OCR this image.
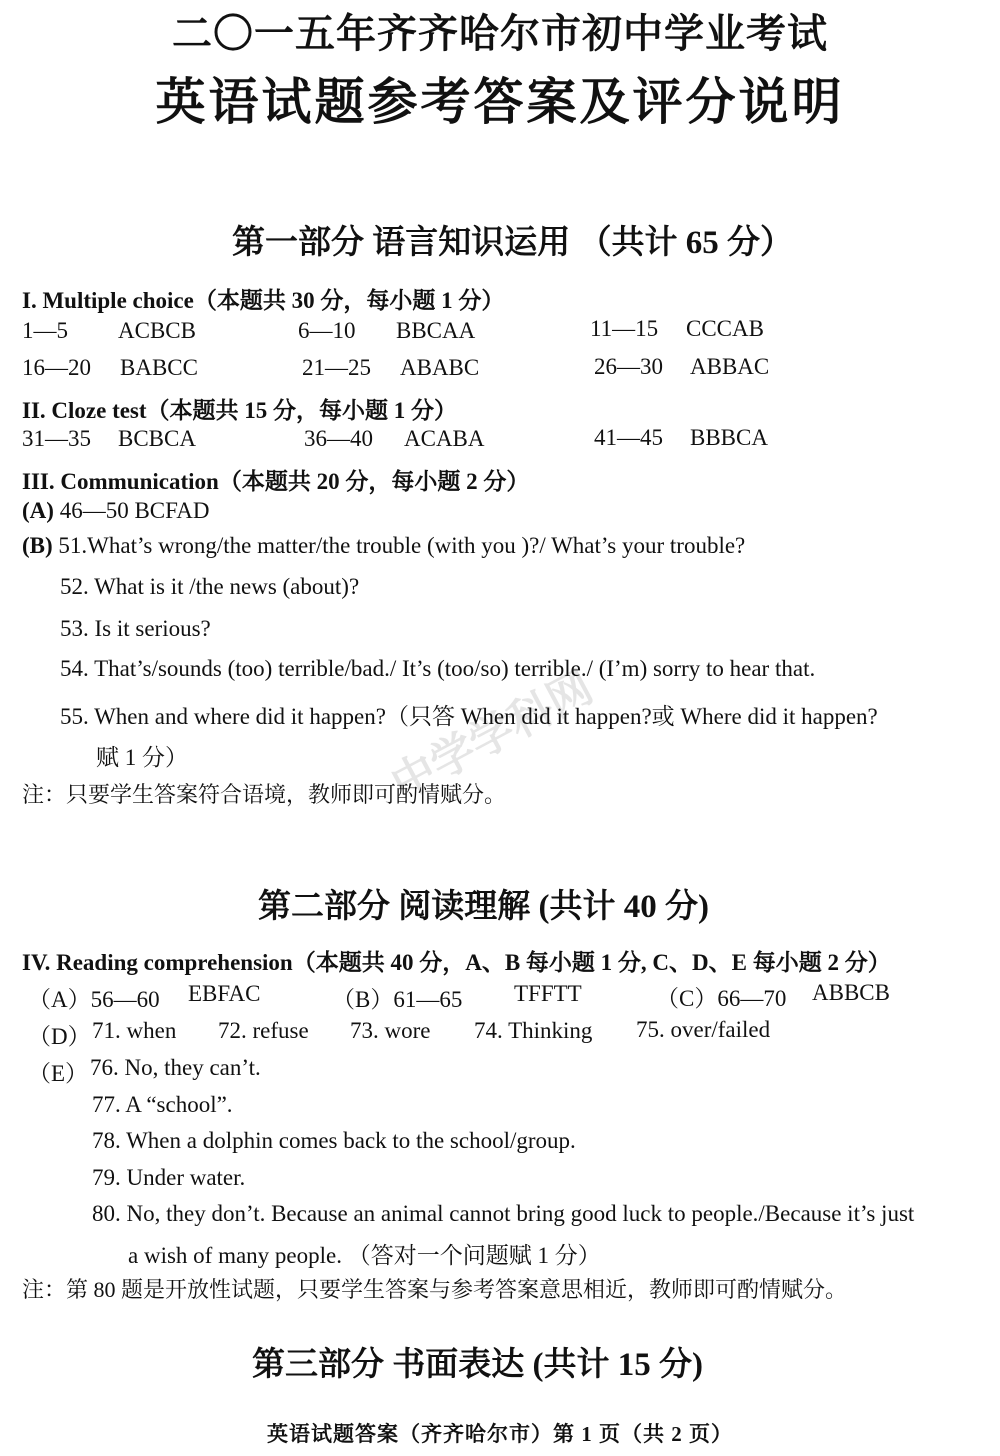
中学学科网
二〇一五年齐齐哈尔市初中学业考试
英语试题参考答案及评分说明
第一部分 语言知识运用 （共计 65 分）
I. Multiple choice（本题共 30 分，每小题 1 分）
1—5 ACBCB	6—10 BBCAA	11—15 CCCAB
16—20 BABCC	21—25 ABABC	26—30 ABBAC
II. Cloze test（本题共 15 分，每小题 1 分）
31—35 BCBCA	36—40 ACABA	41—45 BBBCA
III. Communication（本题共 20 分，每小题 2 分）
(A) 46—50 BCFAD
(B) 51.What’s wrong/the matter/the trouble (with you )?/ What’s your trouble?
52. What is it /the news (about)?
53. Is it serious?
54. That’s/sounds (too) terrible/bad./ It’s (too/so) terrible./ (I’m) sorry to hear that.
55. When and where did it happen?（只答 When did it happen?或 Where did it happen?
赋 1 分）
注：只要学生答案符合语境，教师即可酌情赋分。
第二部分 阅读理解 (共计 40 分)
IV. Reading comprehension（本题共 40 分，A、B 每小题 1 分, C、D、E 每小题 2 分）
（A）56—60 EBFAC	（B）61—65 TFFTT	（C）66—70 ABBCB
（D） 71. when 72. refuse 73. wore 74. Thinking 75. over/failed
（E） 76. No, they can’t.
77. A “school”.
78. When a dolphin comes back to the school/group.
79. Under water.
80. No, they don’t. Because an animal cannot bring good luck to people./Because it’s just
a wish of many people. （答对一个问题赋 1 分）
注：第 80 题是开放性试题，只要学生答案与参考答案意思相近，教师即可酌情赋分。
第三部分 书面表达 (共计 15 分)
英语试题答案（齐齐哈尔市）第 1 页（共 2 页）
